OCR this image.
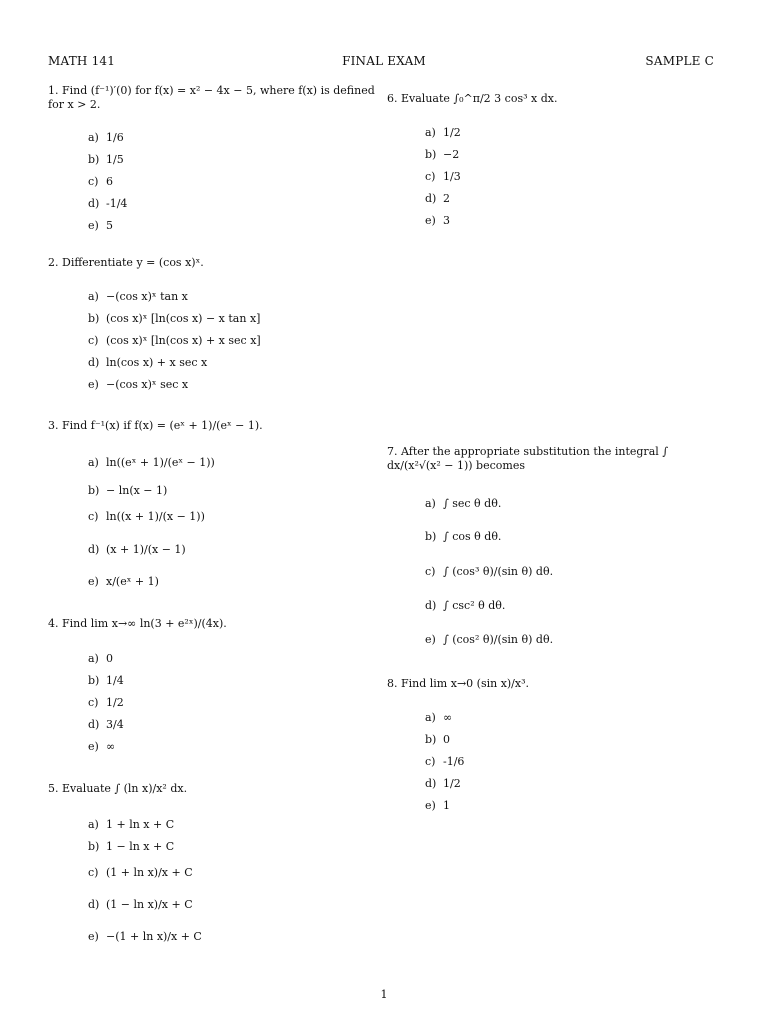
MATH 141	FINAL EXAM	SAMPLE C
1. Find (f⁻¹)′(0) for f(x) = x² − 4x − 5, where f(x) is defined for x > 2.
a) 1/6
b) 1/5
c) 6
d) -1/4
e) 5
2. Differentiate y = (cos x)ˣ.
a) −(cos x)ˣ tan x
b) (cos x)ˣ [ln(cos x) − x tan x]
c) (cos x)ˣ [ln(cos x) + x sec x]
d) ln(cos x) + x sec x
e) −(cos x)ˣ sec x
3. Find f⁻¹(x) if f(x) = (eˣ + 1)/(eˣ − 1).
a) ln((eˣ + 1)/(eˣ − 1))
b) − ln(x − 1)
c) ln((x + 1)/(x − 1))
d) (x + 1)/(x − 1)
e) x/(eˣ + 1)
4. Find lim x→∞ ln(3 + e²ˣ)/(4x).
a) 0
b) 1/4
c) 1/2
d) 3/4
e) ∞
5. Evaluate ∫ (ln x)/x² dx.
a) 1 + ln x + C
b) 1 − ln x + C
c) (1 + ln x)/x + C
d) (1 − ln x)/x + C
e) −(1 + ln x)/x + C
6. Evaluate ∫₀^π/2 3 cos³ x dx.
a) 1/2
b) −2
c) 1/3
d) 2
e) 3
7. After the appropriate substitution the integral ∫ dx/(x²√(x² − 1)) becomes
a) ∫ sec θ dθ.
b) ∫ cos θ dθ.
c) ∫ (cos³ θ)/(sin θ) dθ.
d) ∫ csc² θ dθ.
e) ∫ (cos² θ)/(sin θ) dθ.
8. Find lim x→0 (sin x)/x³.
a) ∞
b) 0
c) -1/6
d) 1/2
e) 1
1
